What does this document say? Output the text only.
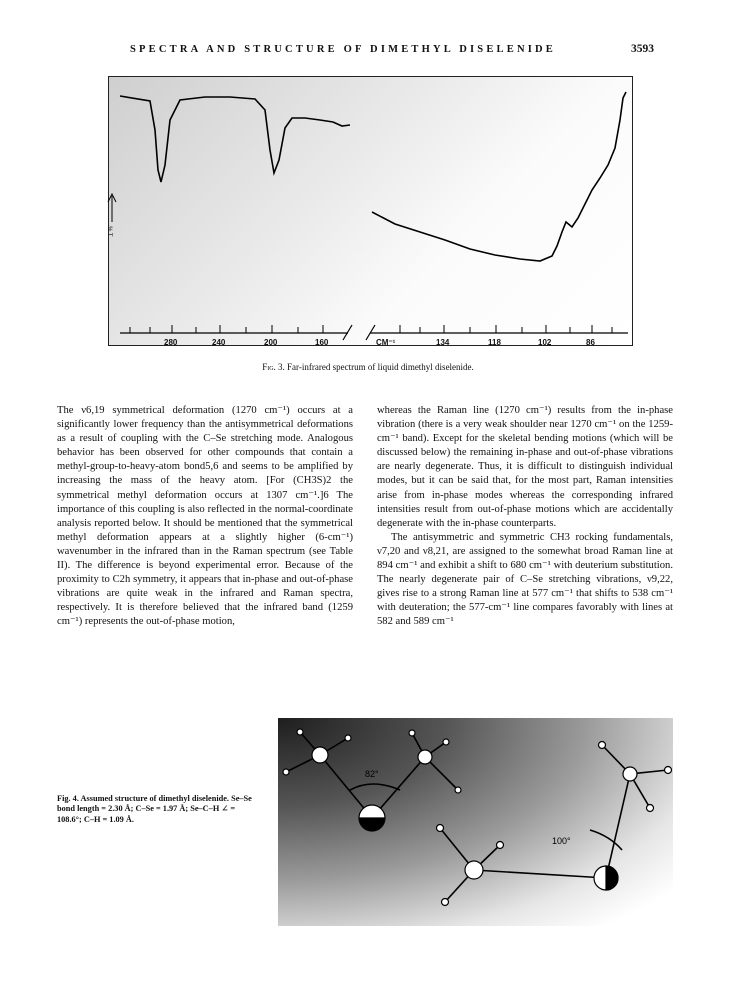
SPECTRA AND STRUCTURE OF DIMETHYL DISELENIDE	3593
280	240	200	160	CM⁻¹	134	118	102	86
% T
Fig. 3. Far-infrared spectrum of liquid dimethyl diselenide.

The ν6,19 symmetrical deformation (1270 cm⁻¹) occurs at a significantly lower frequency than the antisymmetrical deformations as a result of coupling with the C–Se stretching mode. Analogous behavior has been observed for other compounds that contain a methyl-group-to-heavy-atom bond5,6 and seems to be amplified by increasing the mass of the heavy atom. [For (CH3S)2 the symmetrical methyl deformation occurs at 1307 cm⁻¹.]6 The importance of this coupling is also reflected in the normal-coordinate analysis reported below. It should be mentioned that the symmetrical methyl deformation appears at a slightly higher (6-cm⁻¹) wavenumber in the infrared than in the Raman spectrum (see Table II). The difference is beyond experimental error. Because of the proximity to C2h symmetry, it appears that in-phase and out-of-phase vibrations are quite weak in the infrared and Raman spectra, respectively. It is therefore believed that the infrared band (1259 cm⁻¹) represents the out-of-phase motion,

whereas the Raman line (1270 cm⁻¹) results from the in-phase vibration (there is a very weak shoulder near 1270 cm⁻¹ on the 1259-cm⁻¹ band). Except for the skeletal bending motions (which will be discussed below) the remaining in-phase and out-of-phase vibrations are nearly degenerate. Thus, it is difficult to distinguish individual modes, but it can be said that, for the most part, Raman intensities arise from in-phase modes whereas the corresponding infrared intensities result from out-of-phase motions which are accidentally degenerate with the in-phase counterparts.

The antisymmetric and symmetric CH3 rocking fundamentals, ν7,20 and ν8,21, are assigned to the somewhat broad Raman line at 894 cm⁻¹ and exhibit a shift to 680 cm⁻¹ with deuterium substitution. The nearly degenerate pair of C–Se stretching vibrations, ν9,22, gives rise to a strong Raman line at 577 cm⁻¹ that shifts to 538 cm⁻¹ with deuteration; the 577-cm⁻¹ line compares favorably with lines at 582 and 589 cm⁻¹

Fig. 4. Assumed structure of dimethyl diselenide. Se–Se bond length = 2.30 Å; C–Se = 1.97 Å; Se–C–H ∠ = 108.6°; C–H = 1.09 Å.
82°
100°
